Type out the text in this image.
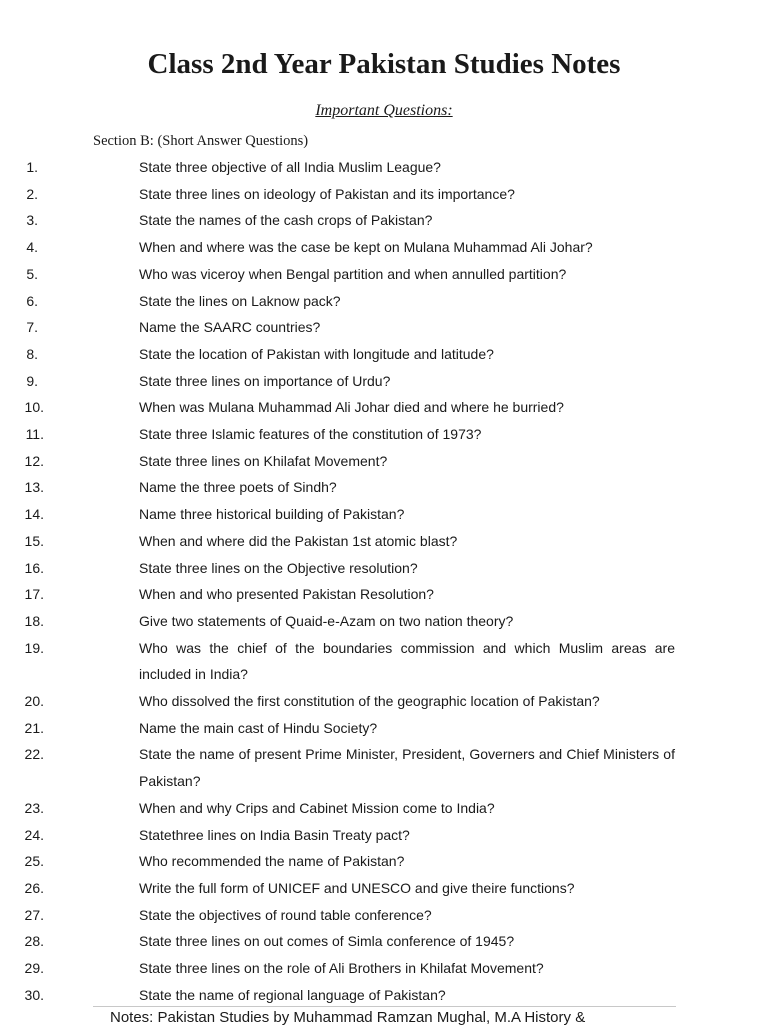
Class 2nd Year Pakistan Studies Notes

Important Questions:

Section B: (Short Answer Questions)

1.	State three objective of all India Muslim League?
2.	State three lines on ideology of Pakistan and its importance?
3.	State the names of the cash crops of Pakistan?
4.	When and where was the case be kept on Mulana Muhammad Ali Johar?
5.	Who was viceroy when Bengal partition and when annulled partition?
6.	State the lines on Laknow pack?
7.	Name the SAARC countries?
8.	State the location of Pakistan with longitude and latitude?
9.	State three lines on importance of Urdu?
10.	When was Mulana Muhammad Ali Johar died and where he burried?
11.	State three Islamic features of the constitution of 1973?
12.	State three lines on Khilafat Movement?
13.	Name the three poets of Sindh?
14.	Name three historical building of Pakistan?
15.	When and where did the Pakistan 1st atomic blast?
16.	State three lines on the Objective resolution?
17.	When and who presented Pakistan Resolution?
18.	Give two statements of Quaid-e-Azam on two nation theory?
19.	Who was the chief of the boundaries commission and which Muslim areas are included in India?
20.	Who dissolved the first constitution of the geographic location of Pakistan?
21.	Name the main cast of Hindu Society?
22.	State the name of present Prime Minister, President, Governers and Chief Ministers of Pakistan?
23.	When and why Crips and Cabinet Mission come to India?
24.	Statethree lines on India Basin Treaty pact?
25.	Who recommended the name of Pakistan?
26.	Write the full form of UNICEF and UNESCO and give theire functions?
27.	State the objectives of round table conference?
28.	State three lines on out comes of Simla conference of 1945?
29.	State three lines on the role of Ali Brothers in Khilafat Movement?
30.	State the name of regional language of Pakistan?
Notes: Pakistan Studies by Muhammad Ramzan Mughal, M.A History &
